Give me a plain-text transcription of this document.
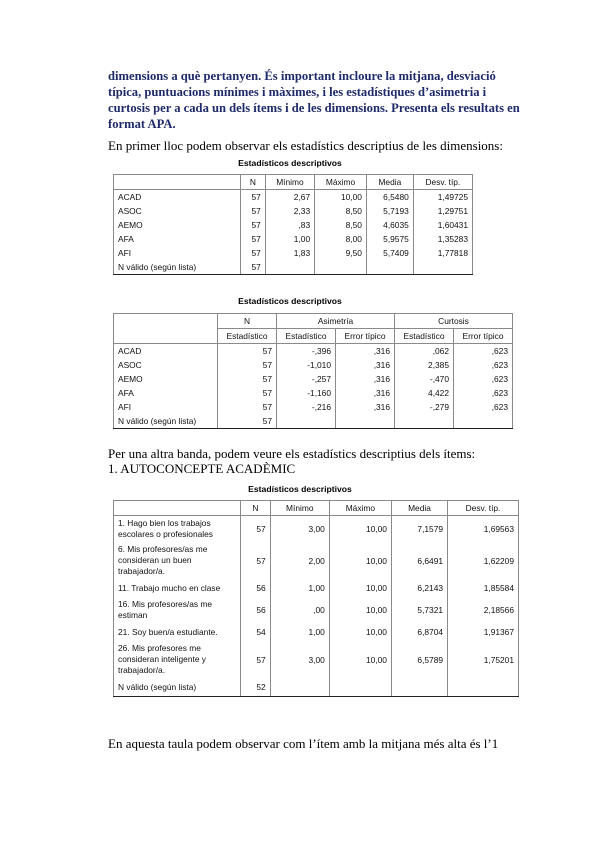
dimensions a què pertanyen. És important incloure la mitjana, desviació típica, puntuacions mínimes i màximes, i les estadístiques d’asimetria i curtosis per a cada un dels ítems i de les dimensions. Presenta els resultats en format APA.
En primer lloc podem observar els estadístics descriptius de les dimensions:
Estadísticos descriptivos
	N	Mínimo	Máximo	Media	Desv. típ.
ACAD	57	2,67	10,00	6,5480	1,49725
ASOC	57	2,33	8,50	5,7193	1,29751
AEMO	57	,83	8,50	4,6035	1,60431
AFA	57	1,00	8,00	5,9575	1,35283
AFI	57	1,83	9,50	5,7409	1,77818
N válido (según lista)	57				
Estadísticos descriptivos
	N	Asimetría		Curtosis	
	Estadístico	Estadístico	Error típico	Estadístico	Error típico
ACAD	57	-,396	,316	,062	,623
ASOC	57	-1,010	,316	2,385	,623
AEMO	57	-,257	,316	-,470	,623
AFA	57	-1,160	,316	4,422	,623
AFI	57	-,216	,316	-,279	,623
N válido (según lista)	57				
Per una altra banda, podem veure els estadístics descriptius dels ítems:
1. AUTOCONCEPTE ACADÈMIC
Estadísticos descriptivos
	N	Mínimo	Máximo	Media	Desv. típ.
1. Hago bien los trabajos escolares o profesionales	57	3,00	10,00	7,1579	1,69563
6. Mis profesores/as me consideran un buen trabajador/a.	57	2,00	10,00	6,6491	1,62209
11. Trabajo mucho en clase	56	1,00	10,00	6,2143	1,85584
16. Mis profesores/as me estiman	56	,00	10,00	5,7321	2,18566
21. Soy buen/a estudiante.	54	1,00	10,00	6,8704	1,91367
26. Mis profesores me consideran inteligente y trabajador/a.	57	3,00	10,00	6,5789	1,75201
N válido (según lista)	52				
En aquesta taula podem observar com l’ítem amb la mitjana més alta és l’1
